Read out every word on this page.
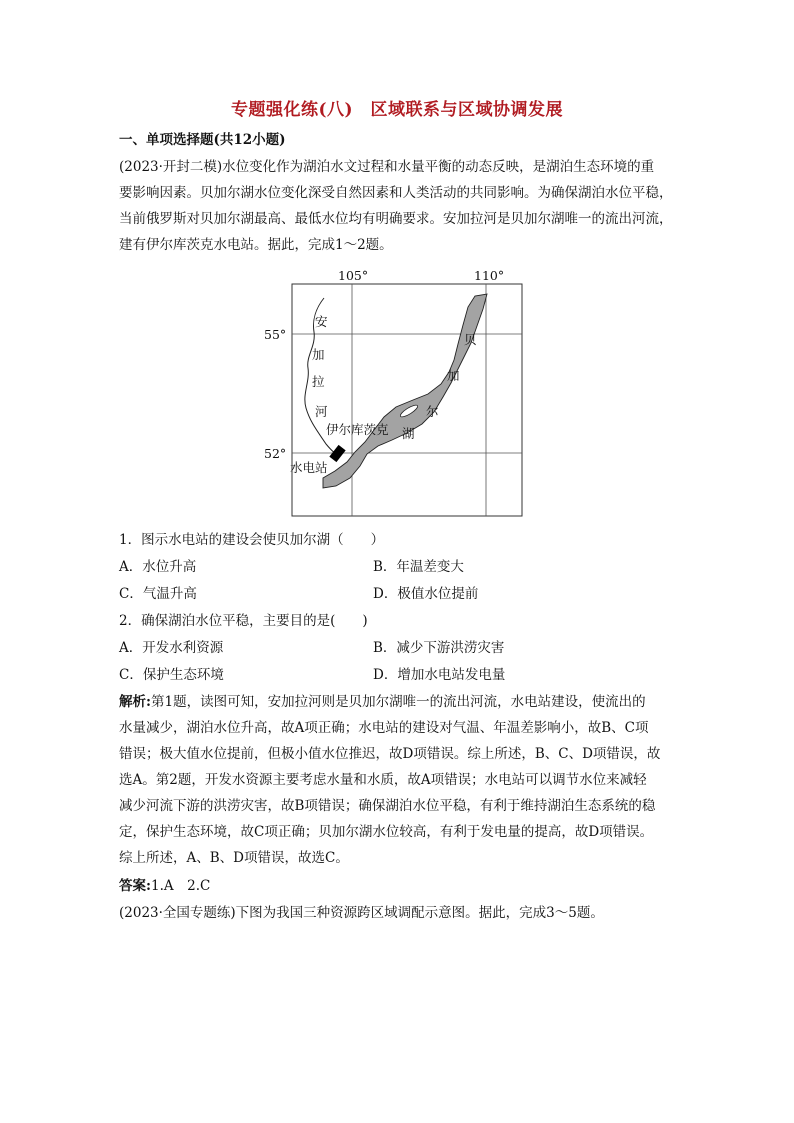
专题强化练(八)　区域联系与区域协调发展
一、单项选择题(共12小题)
(2023·开封二模)水位变化作为湖泊水文过程和水量平衡的动态反映，是湖泊生态环境的重
要影响因素。贝加尔湖水位变化深受自然因素和人类活动的共同影响。为确保湖泊水位平稳，
当前俄罗斯对贝加尔湖最高、最低水位均有明确要求。安加拉河是贝加尔湖唯一的流出河流，
建有伊尔库茨克水电站。据此，完成1～2题。
105°	110°
55°
52°
安
加
拉
河
贝
加
尔
湖
伊尔库茨克
水电站
1．图示水电站的建设会使贝加尔湖（　　）
A．水位升高	B．年温差变大
C．气温升高	D．极值水位提前
2．确保湖泊水位平稳，主要目的是(　　)
A．开发水利资源	B．减少下游洪涝灾害
C．保护生态环境	D．增加水电站发电量
解析:第1题，读图可知，安加拉河则是贝加尔湖唯一的流出河流，水电站建设，使流出的
水量减少，湖泊水位升高，故A项正确；水电站的建设对气温、年温差影响小，故B、C项
错误；极大值水位提前，但极小值水位推迟，故D项错误。综上所述，B、C、D项错误，故
选A。第2题，开发水资源主要考虑水量和水质，故A项错误；水电站可以调节水位来减轻
减少河流下游的洪涝灾害，故B项错误；确保湖泊水位平稳，有利于维持湖泊生态系统的稳
定，保护生态环境，故C项正确；贝加尔湖水位较高，有利于发电量的提高，故D项错误。
综上所述，A、B、D项错误，故选C。
答案:1.A　2.C
(2023·全国专题练)下图为我国三种资源跨区域调配示意图。据此，完成3～5题。
